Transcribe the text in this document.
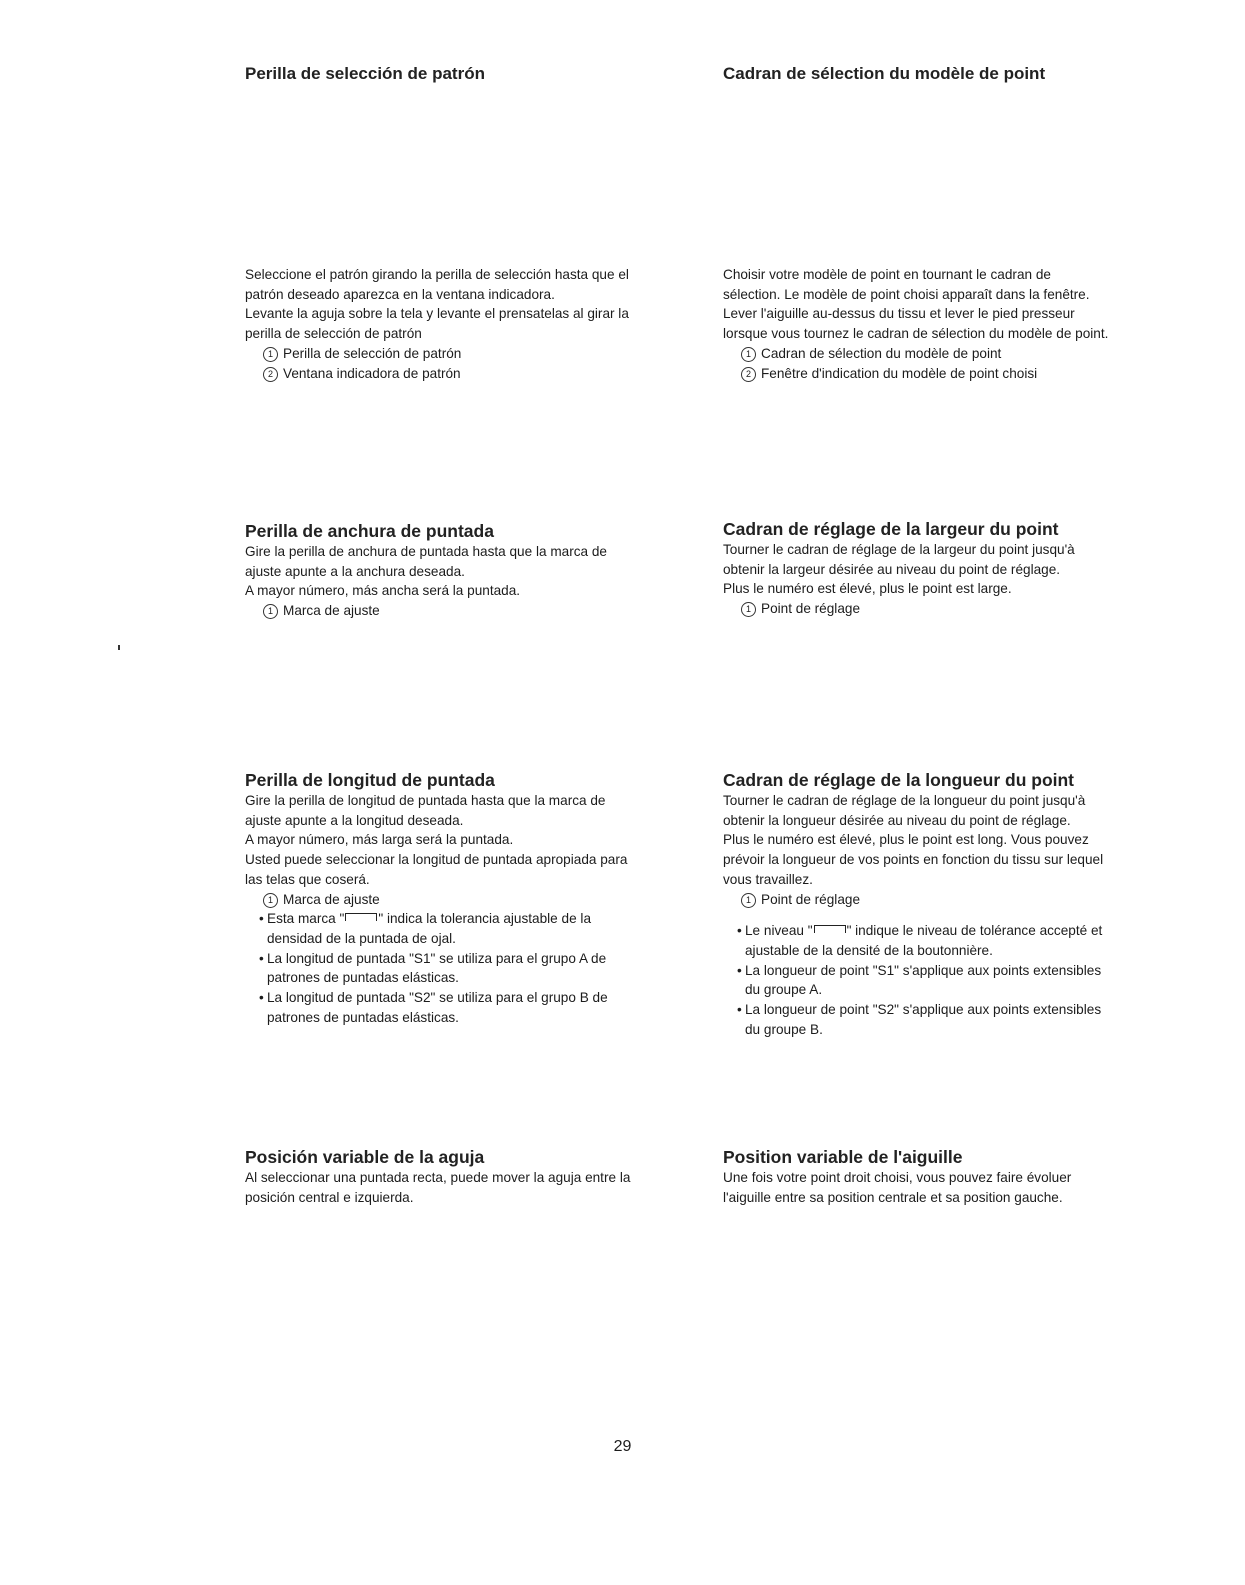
Perilla de selección de patrón	Cadran de sélection du modèle de point

Seleccione el patrón girando la perilla de selección hasta que el

patrón deseado aparezca en la ventana indicadora.

Levante la aguja sobre la tela y levante el prensatelas al girar la

perilla de selección de patrón

1 Perilla de selección de patrón

2 Ventana indicadora de patrón

Choisir votre modèle de point en tournant le cadran de

sélection. Le modèle de point choisi apparaît dans la fenêtre.

Lever l'aiguille au-dessus du tissu et lever le pied presseur

lorsque vous tournez le cadran de sélection du modèle de point.

1 Cadran de sélection du modèle de point

2 Fenêtre d'indication du modèle de point choisi

Perilla de anchura de puntada

Gire la perilla de anchura de puntada hasta que la marca de

ajuste apunte a la anchura deseada.

A mayor número, más ancha será la puntada.

1 Marca de ajuste

Cadran de réglage de la largeur du point

Tourner le cadran de réglage de la largeur du point jusqu'à

obtenir la largeur désirée au niveau du point de réglage.

Plus le numéro est élevé, plus le point est large.

1 Point de réglage

Perilla de longitud de puntada

Gire la perilla de longitud de puntada hasta que la marca de

ajuste apunte a la longitud deseada.

A mayor número, más larga será la puntada.

Usted puede seleccionar la longitud de puntada apropiada para

las telas que coserá.

1 Marca de ajuste

• Esta marca "	" indica la tolerancia ajustable de la

densidad de la puntada de ojal.

• La longitud de puntada "S1" se utiliza para el grupo A de

patrones de puntadas elásticas.

• La longitud de puntada "S2" se utiliza para el grupo B de

patrones de puntadas elásticas.

Cadran de réglage de la longueur du point

Tourner le cadran de réglage de la longueur du point jusqu'à

obtenir la longueur désirée au niveau du point de réglage.

Plus le numéro est élevé, plus le point est long. Vous pouvez

prévoir la longueur de vos points en fonction du tissu sur lequel

vous travaillez.

1 Point de réglage

• Le niveau "	" indique le niveau de tolérance accepté et

ajustable de la densité de la boutonnière.

• La longueur de point "S1" s'applique aux points extensibles

du groupe A.

• La longueur de point "S2" s'applique aux points extensibles

du groupe B.

Posición variable de la aguja

Al seleccionar una puntada recta, puede mover la aguja entre la

posición central e izquierda.

Position variable de l'aiguille

Une fois votre point droit choisi, vous pouvez faire évoluer

l'aiguille entre sa position centrale et sa position gauche.

29
